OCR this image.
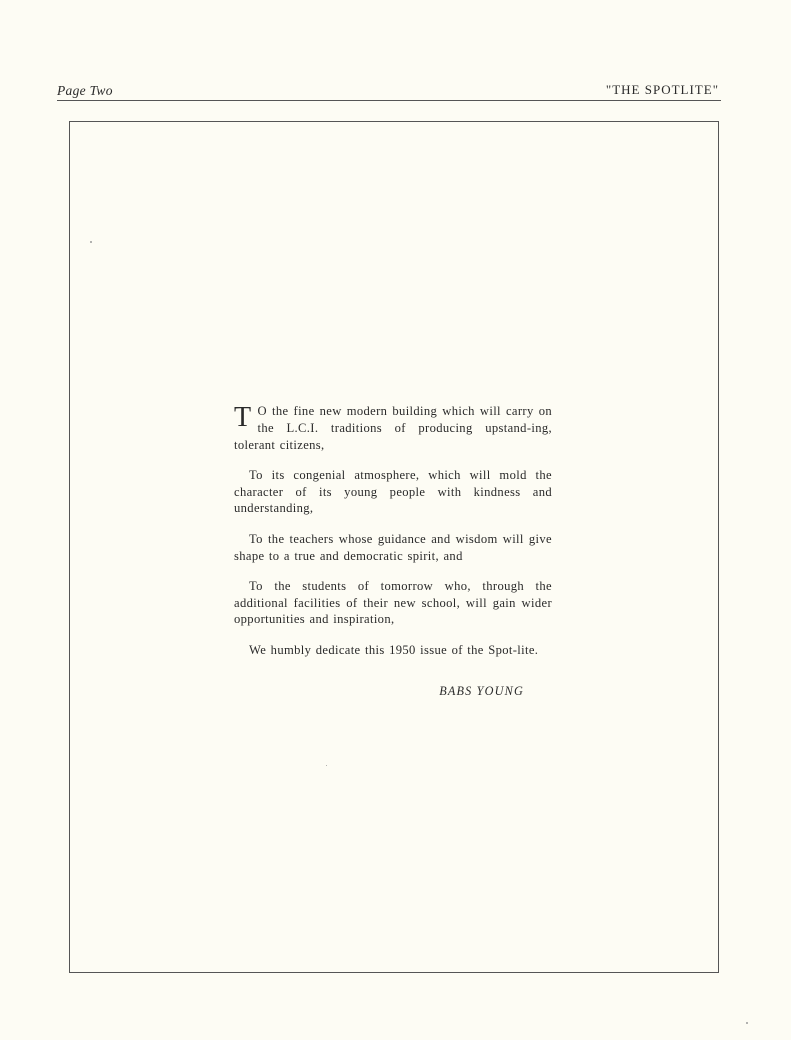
Page Two	"THE SPOTLITE"

T O the fine new modern building which will carry on the L.C.I. traditions of producing upstand-ing, tolerant citizens,

To its congenial atmosphere, which will mold the character of its young people with kindness and understanding,

To the teachers whose guidance and wisdom will give shape to a true and democratic spirit, and

To the students of tomorrow who, through the additional facilities of their new school, will gain wider opportunities and inspiration,

We humbly dedicate this 1950 issue of the Spot-lite.

BABS YOUNG
